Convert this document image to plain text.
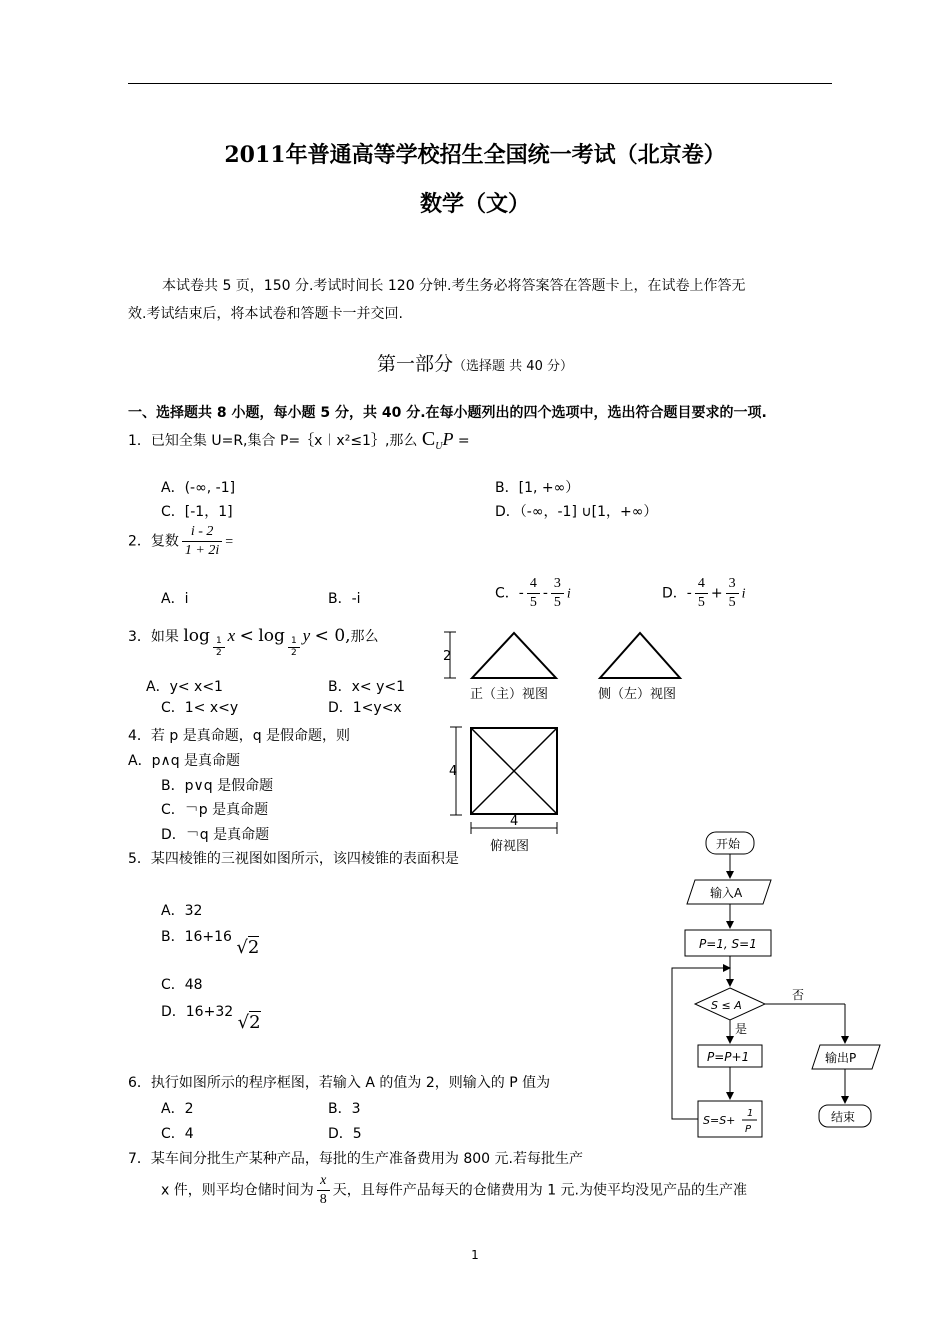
2011年普通高等学校招生全国统一考试（北京卷）
数学（文）
本试卷共 5 页，150 分.考试时间长 120 分钟.考生务必将答案答在答题卡上，在试卷上作答无
效.考试结束后，将本试卷和答题卡一并交回.
第一部分（选择题 共 40 分）
一、选择题共 8 小题，每小题 5 分，共 40 分.在每小题列出的四个选项中，选出符合题目要求的一项.
1．已知全集 U=R,集合 P=｛x︱x²≤1｝,那么 $C_UP$ =
A．(-∞, -1]	B．[1, +∞）
C．[-1，1]	D．（-∞，-1] ∪[1，+∞）
2．复数 $\frac{i - 2}{1 + 2i}$ =
A．i	B．-i	C．- $\frac{4}{5} - \frac{3}{5}$ i	D．- $\frac{4}{5} + \frac{3}{5}$ i
3．如果 $\log \frac{1}{2}$
$x < \log \frac{1}{2}$
y < 0,那么
A．y< x<1	B．x< y<1
C．1< x<y	D．1<y<x
4．若 p 是真命题，q 是假命题，则
A．p∧q 是真命题
B．p∨q 是假命题
C．￢p 是真命题
D．￢q 是真命题
5．某四棱锥的三视图如图所示，该四棱锥的表面积是
A．32
B．16+16 √2
C．48
D．16+32 √2
6．执行如图所示的程序框图，若输入 A 的值为 2，则输入的 P 值为
A．2	B．3
C．4	D．5
7．某车间分批生产某种产品，每批的生产准备费用为 800 元.若每批生产
x 件，则平均仓储时间为 $\frac{x}{8}$ 天，且每件产品每天的仓储费用为 1 元.为使平均没见产品的生产准
2
正（主）视图	侧（左）视图
4
4
俯视图	开始
输入A
P=1, S=1
S ≤ A
否
是
P=P+1
S=S+
1
P
输出P
结束
1
